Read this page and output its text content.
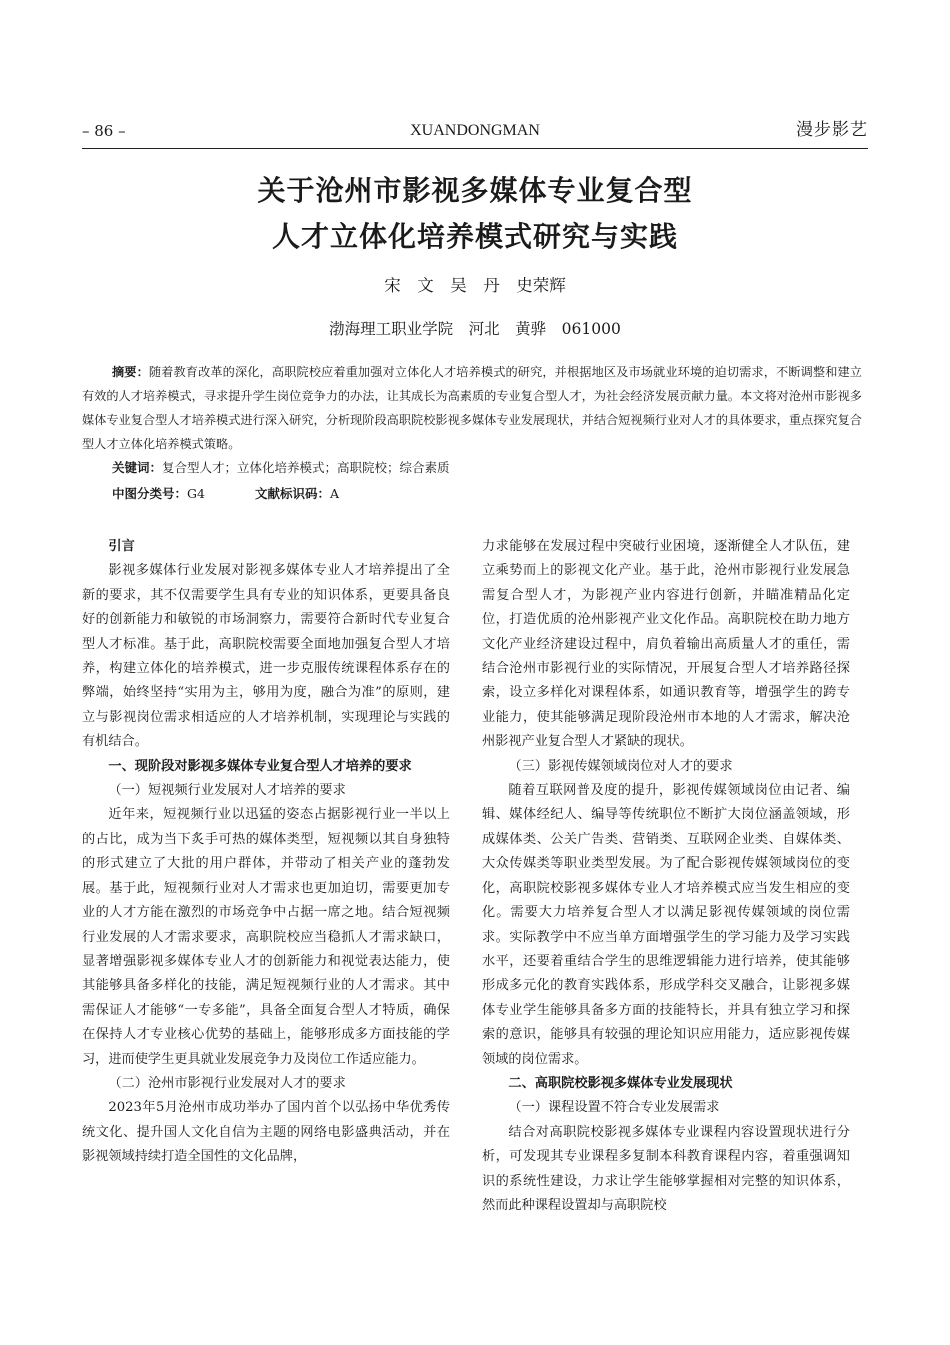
– 86 –	XUANDONGMAN	漫步影艺
关于沧州市影视多媒体专业复合型
人才立体化培养模式研究与实践
宋　文　吴　丹　史荣辉
渤海理工职业学院　河北　黄骅　061000

摘要：随着教育改革的深化，高职院校应着重加强对立体化人才培养模式的研究，并根据地区及市场就业环境的迫切需求，不断调整和建立有效的人才培养模式，寻求提升学生岗位竞争力的办法，让其成长为高素质的专业复合型人才，为社会经济发展贡献力量。本文将对沧州市影视多媒体专业复合型人才培养模式进行深入研究，分析现阶段高职院校影视多媒体专业发展现状，并结合短视频行业对人才的具体要求，重点探究复合型人才立体化培养模式策略。

关键词：复合型人才；立体化培养模式；高职院校；综合素质
中图分类号：G4	文献标识码：A
引言

影视多媒体行业发展对影视多媒体专业人才培养提出了全新的要求，其不仅需要学生具有专业的知识体系，更要具备良好的创新能力和敏锐的市场洞察力，需要符合新时代专业复合型人才标准。基于此，高职院校需要全面地加强复合型人才培养，构建立体化的培养模式，进一步克服传统课程体系存在的弊端，始终坚持“实用为主，够用为度，融合为准”的原则，建立与影视岗位需求相适应的人才培养机制，实现理论与实践的有机结合。

一、现阶段对影视多媒体专业复合型人才培养的要求
（一）短视频行业发展对人才培养的要求

近年来，短视频行业以迅猛的姿态占据影视行业一半以上的占比，成为当下炙手可热的媒体类型，短视频以其自身独特的形式建立了大批的用户群体，并带动了相关产业的蓬勃发展。基于此，短视频行业对人才需求也更加迫切，需要更加专业的人才方能在激烈的市场竞争中占据一席之地。结合短视频行业发展的人才需求要求，高职院校应当稳抓人才需求缺口，显著增强影视多媒体专业人才的创新能力和视觉表达能力，使其能够具备多样化的技能，满足短视频行业的人才需求。其中需保证人才能够“一专多能”，具备全面复合型人才特质，确保在保持人才专业核心优势的基础上，能够形成多方面技能的学习，进而使学生更具就业发展竞争力及岗位工作适应能力。

（二）沧州市影视行业发展对人才的要求

2023年5月沧州市成功举办了国内首个以弘扬中华优秀传统文化、提升国人文化自信为主题的网络电影盛典活动，并在影视领域持续打造全国性的文化品牌，

力求能够在发展过程中突破行业困境，逐渐健全人才队伍，建立乘势而上的影视文化产业。基于此，沧州市影视行业发展急需复合型人才，为影视产业内容进行创新，并瞄准精品化定位，打造优质的沧州影视产业文化作品。高职院校在助力地方文化产业经济建设过程中，肩负着输出高质量人才的重任，需结合沧州市影视行业的实际情况，开展复合型人才培养路径探索，设立多样化对课程体系，如通识教育等，增强学生的跨专业能力，使其能够满足现阶段沧州市本地的人才需求，解决沧州影视产业复合型人才紧缺的现状。

（三）影视传媒领域岗位对人才的要求

随着互联网普及度的提升，影视传媒领域岗位由记者、编辑、媒体经纪人、编导等传统职位不断扩大岗位涵盖领域，形成媒体类、公关广告类、营销类、互联网企业类、自媒体类、大众传媒类等职业类型发展。为了配合影视传媒领域岗位的变化，高职院校影视多媒体专业人才培养模式应当发生相应的变化。需要大力培养复合型人才以满足影视传媒领域的岗位需求。实际教学中不应当单方面增强学生的学习能力及学习实践水平，还要着重结合学生的思维逻辑能力进行培养，使其能够形成多元化的教育实践体系，形成学科交叉融合，让影视多媒体专业学生能够具备多方面的技能特长，并具有独立学习和探索的意识，能够具有较强的理论知识应用能力，适应影视传媒领域的岗位需求。

二、高职院校影视多媒体专业发展现状
（一）课程设置不符合专业发展需求

结合对高职院校影视多媒体专业课程内容设置现状进行分析，可发现其专业课程多复制本科教育课程内容，着重强调知识的系统性建设，力求让学生能够掌握相对完整的知识体系，然而此种课程设置却与高职院校
